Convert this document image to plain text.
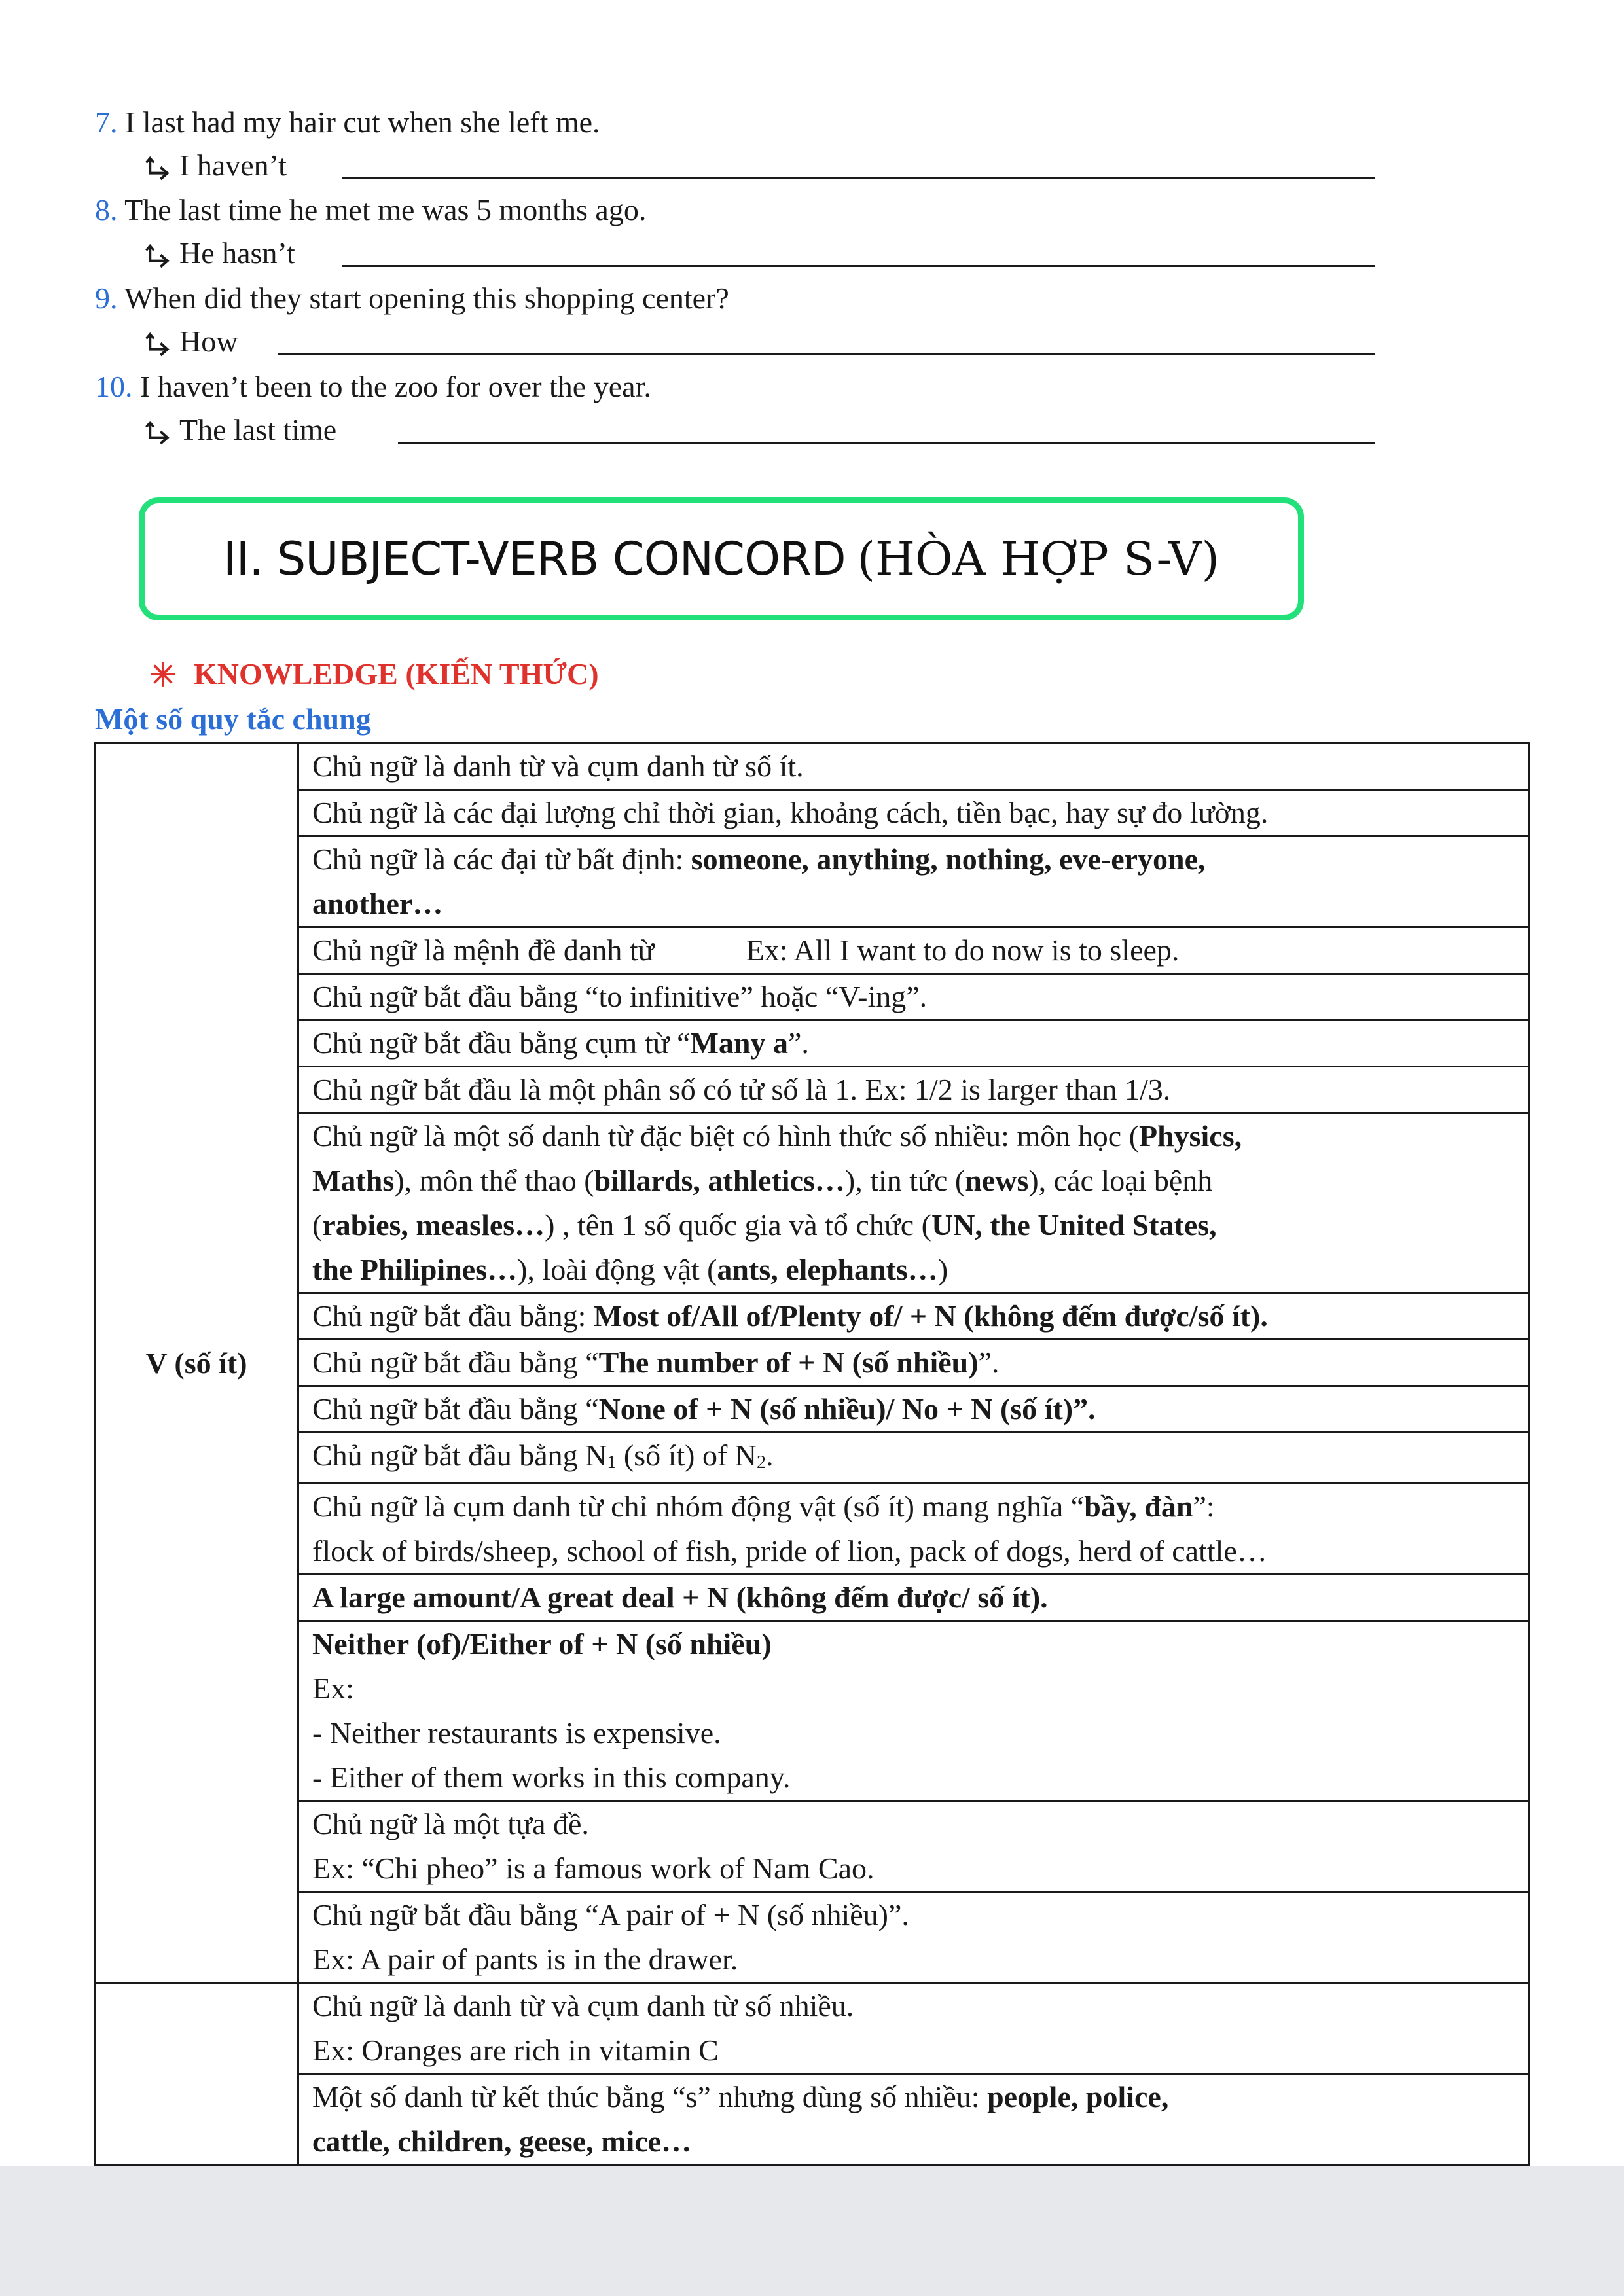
7. I last had my hair cut when she left me.
I haven’t
8. The last time he met me was 5 months ago.
He hasn’t
9. When did they start opening this shopping center?
How
10. I haven’t been to the zoo for over the year.
The last time
II. SUBJECT-VERB CONCORD (HÒA HỢP S-V)
KNOWLEDGE (KIẾN THỨC)
Một số quy tắc chung
V (số ít)	Chủ ngữ là danh từ và cụm danh từ số ít.
	Chủ ngữ là các đại lượng chỉ thời gian, khoảng cách, tiền bạc, hay sự đo lường.

	Chủ ngữ là các đại từ bất định: someone, anything, nothing, eve-eryone,
another…

	Chủ ngữ là mệnh đề danh từ Ex: All I want to do now is to sleep.
	Chủ ngữ bắt đầu bằng “to infinitive” hoặc “V-ing”.
	Chủ ngữ bắt đầu bằng cụm từ “Many a”.
	Chủ ngữ bắt đầu là một phân số có tử số là 1. Ex: 1/2 is larger than 1/3.

	Chủ ngữ là một số danh từ đặc biệt có hình thức số nhiều: môn học (Physics,
Maths), môn thể thao (billards, athletics…), tin tức (news), các loại bệnh
(rabies, measles…) , tên 1 số quốc gia và tổ chức (UN, the United States,
the Philipines…), loài động vật (ants, elephants…)

	Chủ ngữ bắt đầu bằng: Most of/All of/Plenty of/ + N (không đếm được/số ít).
	Chủ ngữ bắt đầu bằng “The number of + N (số nhiều)”.
	Chủ ngữ bắt đầu bằng “None of + N (số nhiều)/ No + N (số ít)”.
	Chủ ngữ bắt đầu bằng $N_1$ (số ít) of $N_2$.

	Chủ ngữ là cụm danh từ chỉ nhóm động vật (số ít) mang nghĩa “bầy, đàn”:
flock of birds/sheep, school of fish, pride of lion, pack of dogs, herd of cattle…

	A large amount/A great deal + N (không đếm được/ số ít).

	Neither (of)/Either of + N (số nhiều)
Ex:
- Neither restaurants is expensive.
- Either of them works in this company.

	Chủ ngữ là một tựa đề.
Ex: “Chi pheo” is a famous work of Nam Cao.

	Chủ ngữ bắt đầu bằng “A pair of + N (số nhiều)”.
Ex: A pair of pants is in the drawer.

	Chủ ngữ là danh từ và cụm danh từ số nhiều.
Ex: Oranges are rich in vitamin C

	Một số danh từ kết thúc bằng “s” nhưng dùng số nhiều: people, police,
cattle, children, geese, mice…
